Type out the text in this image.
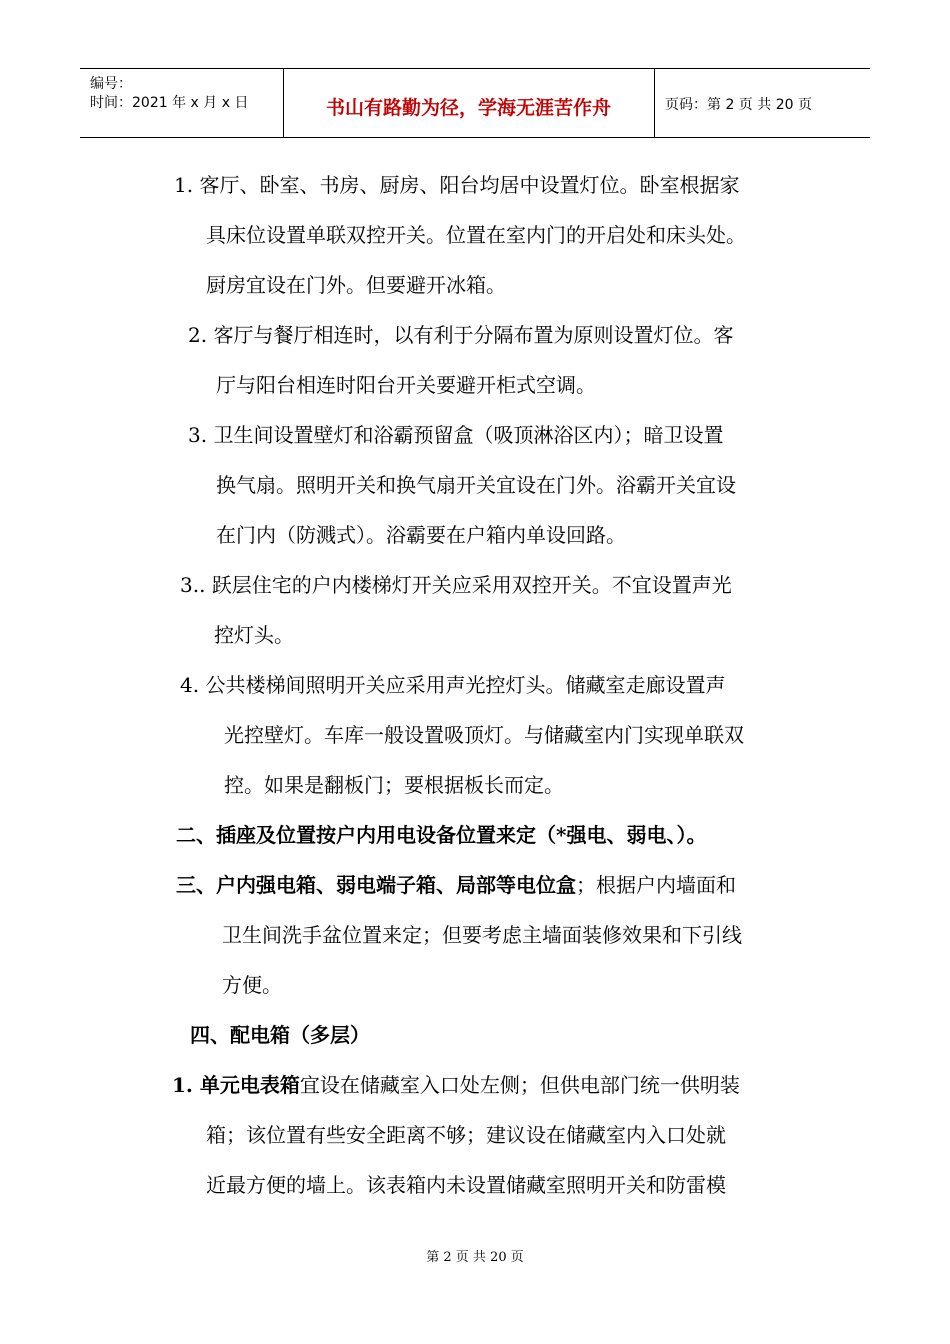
编号：
时间：2021 年 x 月 x 日	书山有路勤为径，学海无涯苦作舟	页码：第 2 页 共 20 页
1. 客厅、卧室、书房、厨房、阳台均居中设置灯位。卧室根据家
具床位设置单联双控开关。位置在室内门的开启处和床头处。
厨房宜设在门外。但要避开冰箱。
2. 客厅与餐厅相连时，以有利于分隔布置为原则设置灯位。客
厅与阳台相连时阳台开关要避开柜式空调。
3. 卫生间设置壁灯和浴霸预留盒（吸顶淋浴区内）；暗卫设置
换气扇。照明开关和换气扇开关宜设在门外。浴霸开关宜设
在门内（防溅式）。浴霸要在户箱内单设回路。
3.. 跃层住宅的户内楼梯灯开关应采用双控开关。不宜设置声光
控灯头。
4. 公共楼梯间照明开关应采用声光控灯头。储藏室走廊设置声
光控壁灯。车库一般设置吸顶灯。与储藏室内门实现单联双
控。如果是翻板门；要根据板长而定。
二、插座及位置按户内用电设备位置来定（*强电、弱电、）。
三、户内强电箱、弱电端子箱、局部等电位盒；根据户内墙面和
卫生间洗手盆位置来定；但要考虑主墙面装修效果和下引线
方便。
四、配电箱（多层）
1. 单元电表箱宜设在储藏室入口处左侧；但供电部门统一供明装
箱；该位置有些安全距离不够；建议设在储藏室内入口处就
近最方便的墙上。该表箱内未设置储藏室照明开关和防雷模
第 2 页 共 20 页
